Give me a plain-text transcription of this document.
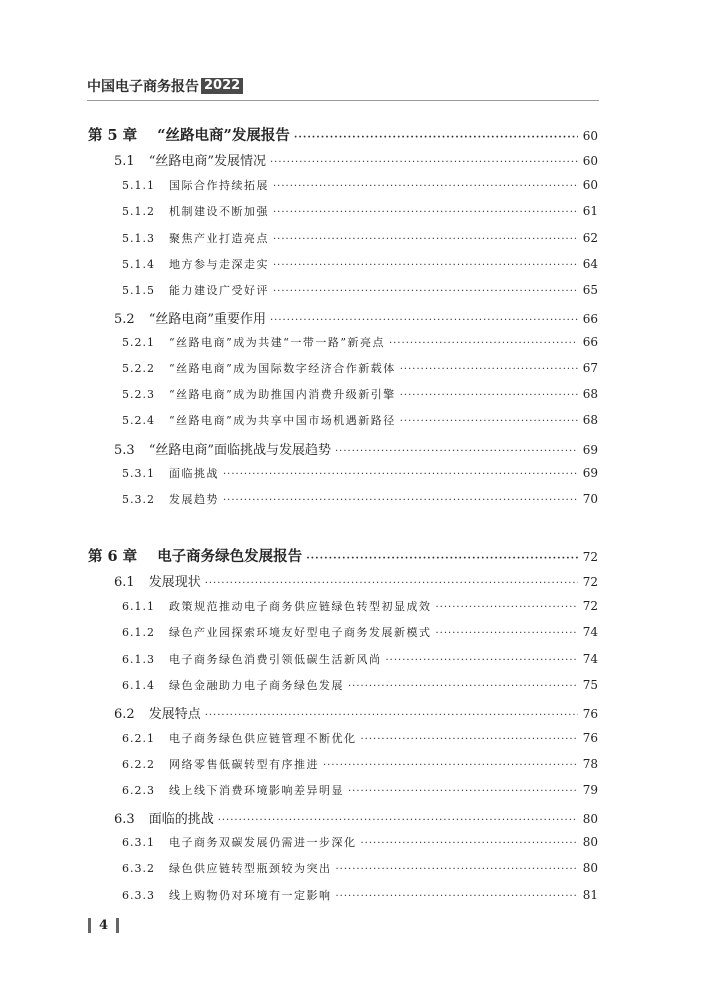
中国电子商务报告 2022
第 5 章 “丝路电商”发展报告 ·····	60
5.1 “丝路电商”发展情况 ·····	60
5.1.1 国际合作持续拓展 ·····	60
5.1.2 机制建设不断加强 ·····	61
5.1.3 聚焦产业打造亮点 ·····	62
5.1.4 地方参与走深走实 ·····	64
5.1.5 能力建设广受好评 ·····	65
5.2 “丝路电商”重要作用 ·····	66
5.2.1 “丝路电商”成为共建“一带一路”新亮点 ·····	66
5.2.2 “丝路电商”成为国际数字经济合作新载体 ·····	67
5.2.3 “丝路电商”成为助推国内消费升级新引擎 ·····	68
5.2.4 “丝路电商”成为共享中国市场机遇新路径 ·····	68
5.3 “丝路电商”面临挑战与发展趋势 ·····	69
5.3.1 面临挑战 ·····	69
5.3.2 发展趋势 ·····	70
第 6 章 电子商务绿色发展报告 ·····	72
6.1 发展现状 ·····	72
6.1.1 政策规范推动电子商务供应链绿色转型初显成效 ·····	72
6.1.2 绿色产业园探索环境友好型电子商务发展新模式 ·····	74
6.1.3 电子商务绿色消费引领低碳生活新风尚 ·····	74
6.1.4 绿色金融助力电子商务绿色发展 ·····	75
6.2 发展特点 ·····	76
6.2.1 电子商务绿色供应链管理不断优化 ·····	76
6.2.2 网络零售低碳转型有序推进 ·····	78
6.2.3 线上线下消费环境影响差异明显 ·····	79
6.3 面临的挑战 ·····	80
6.3.1 电子商务双碳发展仍需进一步深化 ·····	80
6.3.2 绿色供应链转型瓶颈较为突出 ·····	80
6.3.3 线上购物仍对环境有一定影响 ·····	81
4
